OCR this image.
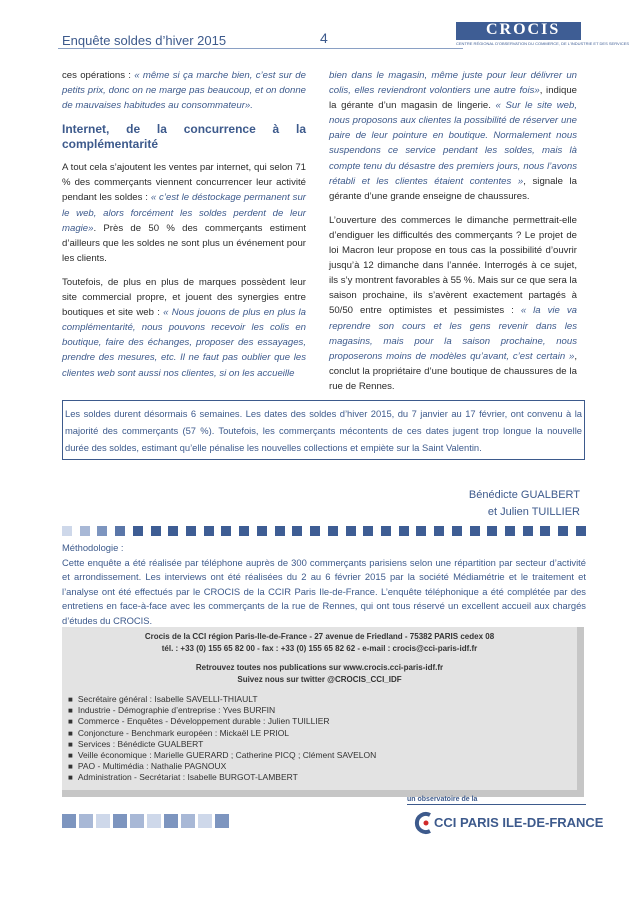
Enquête soldes d’hiver 2015	4	CROCIS
CENTRE RÉGIONAL D'OBSERVATION DU COMMERCE, DE L'INDUSTRIE ET DES SERVICES

ces opérations : « même si ça marche bien, c’est sur de petits prix, donc on ne marge pas beaucoup, et on donne de mauvaises habitudes au consommateur».

Internet, de la concurrence à la complémentarité

A tout cela s’ajoutent les ventes par internet, qui selon 71 % des commerçants viennent concurrencer leur activité pendant les soldes : « c’est le déstockage permanent sur le web, alors forcément les soldes perdent de leur magie». Près de 50 % des commerçants estiment d’ailleurs que les soldes ne sont plus un événement pour les clients.

Toutefois, de plus en plus de marques possèdent leur site commercial propre, et jouent des synergies entre boutiques et site web : « Nous jouons de plus en plus la complémentarité, nous pouvons recevoir les colis en boutique, faire des échanges, proposer des essayages, prendre des mesures, etc. Il ne faut pas oublier que les clientes web sont aussi nos clientes, si on les accueille

bien dans le magasin, même juste pour leur délivrer un colis, elles reviendront volontiers une autre fois», indique la gérante d’un magasin de lingerie. « Sur le site web, nous proposons aux clientes la possibilité de réserver une paire de leur pointure en boutique. Normalement nous suspendons ce service pendant les soldes, mais là compte tenu du désastre des premiers jours, nous l’avons rétabli et les clientes étaient contentes », signale la gérante d’une grande enseigne de chaussures.

L’ouverture des commerces le dimanche permettrait-elle d’endiguer les difficultés des commerçants ? Le projet de loi Macron leur propose en tous cas la possibilité d’ouvrir jusqu’à 12 dimanche dans l’année. Interrogés à ce sujet, ils s’y montrent favorables à 55 %. Mais sur ce que sera la saison prochaine, ils s’avèrent exactement partagés à 50/50 entre optimistes et pessimistes : « la vie va reprendre son cours et les gens revenir dans les magasins, mais pour la saison prochaine, nous proposerons moins de modèles qu’avant, c’est certain », conclut la propriétaire d’une boutique de chaussures de la rue de Rennes.

Les soldes durent désormais 6 semaines. Les dates des soldes d’hiver 2015, du 7 janvier au 17 février, ont convenu à la majorité des commerçants (57 %). Toutefois, les commerçants mécontents de ces dates jugent trop longue la nouvelle durée des soldes, estimant qu’elle pénalise les nouvelles collections et empiète sur la Saint Valentin.
Bénédicte GUALBERT
et Julien TUILLIER
Méthodologie :
Cette enquête a été réalisée par téléphone auprès de 300 commerçants parisiens selon une répartition par secteur d’activité et arrondissement. Les interviews ont été réalisées du 2 au 6 février 2015 par la société Médiamétrie et le traitement et l’analyse ont été effectués par le CROCIS de la CCIR Paris Ile-de-France. L’enquête téléphonique a été complétée par des entretiens en face-à-face avec les commerçants de la rue de Rennes, qui ont tous réservé un excellent accueil aux chargés d’études du CROCIS.
Crocis de la CCI région Paris-Ile-de-France - 27 avenue de Friedland - 75382 PARIS cedex 08
tél. : +33 (0) 155 65 82 00 - fax : +33 (0) 155 65 82 62 - e-mail : crocis@cci-paris-idf.fr
Retrouvez toutes nos publications sur www.crocis.cci-paris-idf.fr
Suivez nous sur twitter @CROCIS_CCI_IDF
■ Secrétaire général : Isabelle SAVELLI-THIAULT
■ Industrie - Démographie d’entreprise : Yves BURFIN
■ Commerce - Enquêtes - Développement durable : Julien TUILLIER
■ Conjoncture - Benchmark européen : Mickaël LE PRIOL
■ Services : Bénédicte GUALBERT
■ Veille économique : Marielle GUERARD ; Catherine PICQ ; Clément SAVELON
■ PAO - Multimédia : Nathalie PAGNOUX
■ Administration - Secrétariat : Isabelle BURGOT-LAMBERT
un observatoire de la
CCI PARIS ILE-DE-FRANCE
